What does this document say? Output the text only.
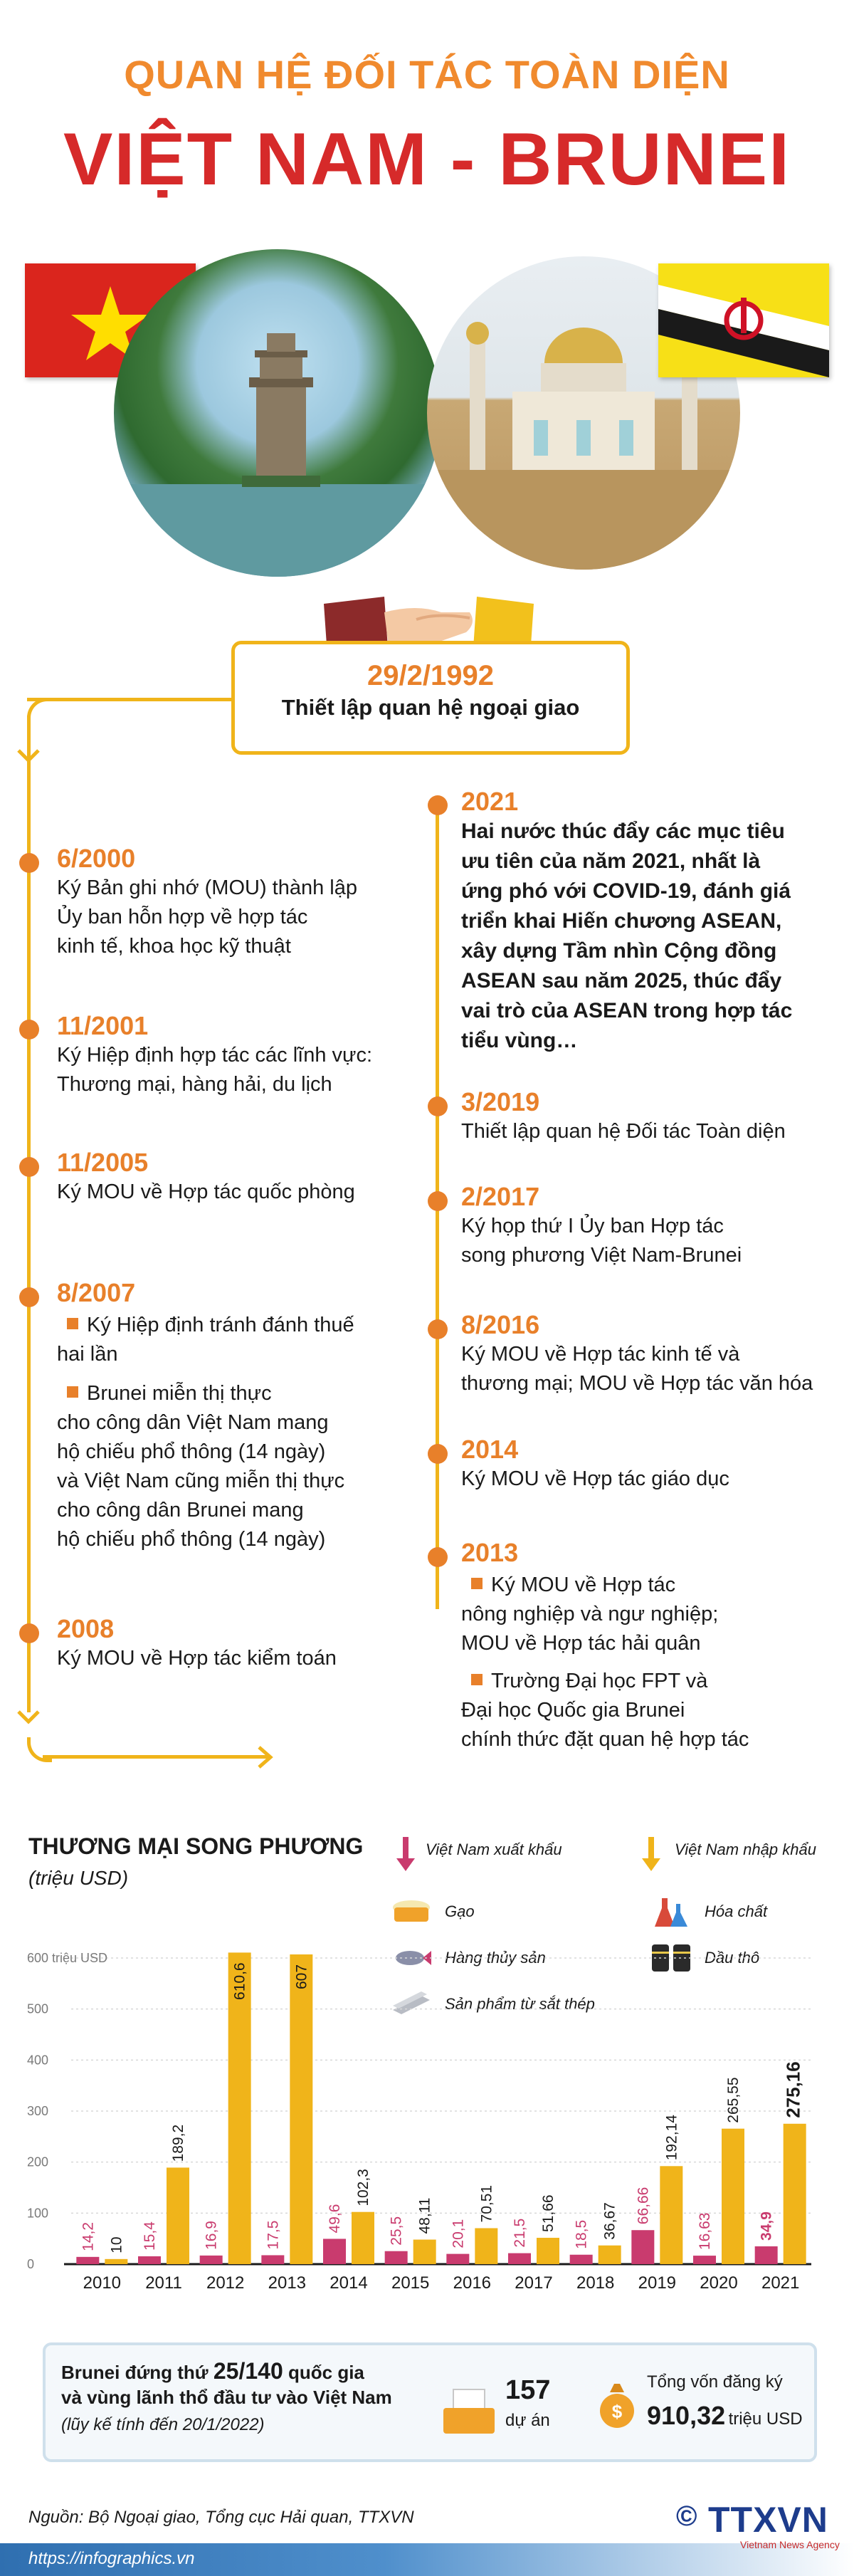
QUAN HỆ ĐỐI TÁC TOÀN DIỆN
VIỆT NAM - BRUNEI
29/2/1992
Thiết lập quan hệ ngoại giao
6/2000
Ký Bản ghi nhớ (MOU) thành lập
Ủy ban hỗn hợp về hợp tác
kinh tế, khoa học kỹ thuật
11/2001
Ký Hiệp định hợp tác các lĩnh vực:
Thương mại, hàng hải, du lịch
11/2005
Ký MOU về Hợp tác quốc phòng
8/2007
Ký Hiệp định tránh đánh thuế
hai lần
Brunei miễn thị thực
cho công dân Việt Nam mang
hộ chiếu phổ thông (14 ngày)
và Việt Nam cũng miễn thị thực
cho công dân Brunei mang
hộ chiếu phổ thông (14 ngày)
2008
Ký MOU về Hợp tác kiểm toán
2021
Hai nước thúc đẩy các mục tiêu
ưu tiên của năm 2021, nhất là
ứng phó với COVID-19, đánh giá
triển khai Hiến chương ASEAN,
xây dựng Tầm nhìn Cộng đồng
ASEAN sau năm 2025, thúc đẩy
vai trò của ASEAN trong hợp tác
tiểu vùng…
3/2019
Thiết lập quan hệ Đối tác Toàn diện
2/2017
Ký họp thứ I Ủy ban Hợp tác
song phương Việt Nam-Brunei
8/2016
Ký MOU về Hợp tác kinh tế và
thương mại; MOU về Hợp tác văn hóa
2014
Ký MOU về Hợp tác giáo dục
2013
Ký MOU về Hợp tác
nông nghiệp và ngư nghiệp;
MOU về Hợp tác hải quân
Trường Đại học FPT và
Đại học Quốc gia Brunei
chính thức đặt quan hệ hợp tác
THƯƠNG MẠI SONG PHƯƠNG
(triệu USD)
Việt Nam xuất khẩu	Việt Nam nhập khẩu
Gạo
Hàng thủy sản
Sản phẩm từ sắt thép
Hóa chất
Dầu thô
600 triệu USD
500
400
300
200
100
0
14,2 10
2010
15,4
189,2
2011
16,9
610,6
2012
17,5
607
2013
49,6
102,3
2014
25,5 48,11
2015
20,1
70,51
2016
21,5
51,66
2017
18,5 36,67
2018
66,66
192,14
2019
16,63
265,55
2020
34,9
275,16
2021
Brunei đứng thứ 25/140 quốc gia
và vùng lãnh thổ đầu tư vào Việt Nam
(lũy kế tính đến 20/1/2022)
157
dự án	$
Tổng vốn đăng ký
910,32 triệu USD
Nguồn: Bộ Ngoại giao, Tổng cục Hải quan, TTXVN
https://infographics.vn
© TTXVN
Vietnam News Agency
